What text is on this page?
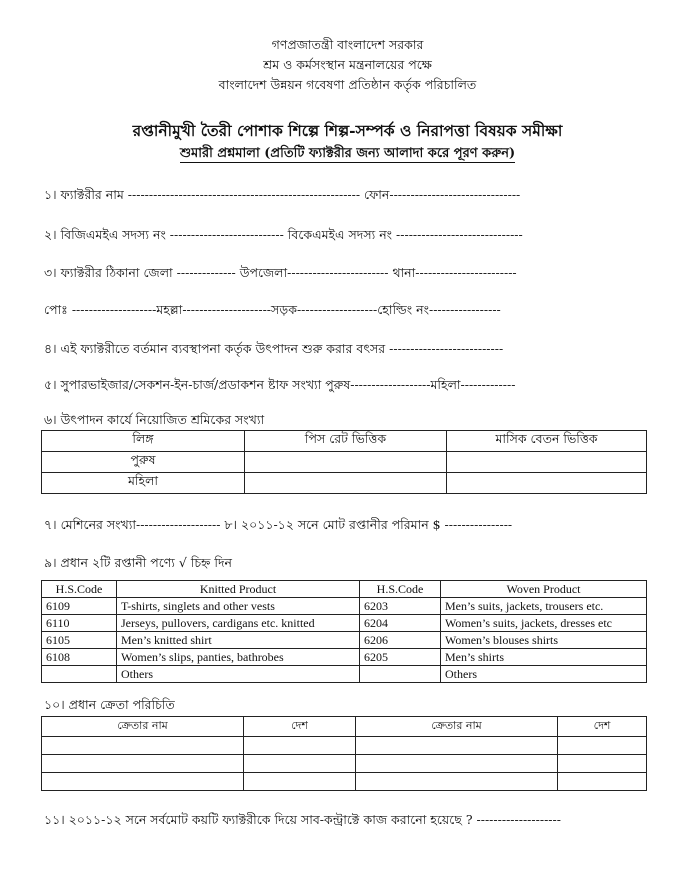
গণপ্রজাতন্ত্রী বাংলাদেশ সরকার
শ্রম ও কর্মসংস্থান মন্ত্রনালয়ের পক্ষে
বাংলাদেশ উন্নয়ন গবেষণা প্রতিষ্ঠান কর্তৃক পরিচালিত
রপ্তানীমুখী তৈরী পোশাক শিল্পে শিল্প-সম্পর্ক ও নিরাপত্তা বিষয়ক সমীক্ষা
শুমারী প্রশ্নমালা (প্রতিটি ফ্যাক্টরীর জন্য আলাদা করে পূরণ করুন)
১। ফ্যাক্টরীর নাম ------------------------------------------------------- ফোন-------------------------------
২। বিজিএমইএ সদস্য নং --------------------------- বিকেএমইএ সদস্য নং ------------------------------
৩। ফ্যাক্টরীর ঠিকানা জেলা -------------- উপজেলা------------------------ থানা------------------------
পোঃ --------------------মহল্লা---------------------সড়ক-------------------হোল্ডিং নং-----------------
৪। এই ফ্যাক্টরীতে বর্তমান ব্যবস্থাপনা কর্তৃক উৎপাদন শুরু করার বৎসর ---------------------------
৫। সুপারভাইজার/সেকশন-ইন-চার্জ/প্রডাকশন ষ্টাফ সংখ্যা পুরুষ-------------------মহিলা-------------
৬। উৎপাদন কার্যে নিয়োজিত শ্রমিকের সংখ্যা
লিঙ্গ	পিস রেট ভিত্তিক	মাসিক বেতন ভিত্তিক
পুরুষ		
মহিলা		
৭। মেশিনের সংখ্যা-------------------- ৮। ২০১১-১২ সনে মোট রপ্তানীর পরিমান $ ----------------
৯। প্রধান ২টি রপ্তানী পণ্যে √ চিহ্ন দিন
H.S.Code	Knitted Product	H.S.Code	Woven Product
6109	T-shirts, singlets and other vests	6203	Men’s suits, jackets, trousers etc.
6110	Jerseys, pullovers, cardigans etc. knitted	6204	Women’s suits, jackets, dresses etc
6105	Men’s knitted shirt	6206	Women’s blouses shirts
6108	Women’s slips, panties, bathrobes	6205	Men’s shirts
	Others		Others
১০। প্রধান ক্রেতা পরিচিতি
ক্রেতার নাম	দেশ	ক্রেতার নাম	দেশ

১১। ২০১১-১২ সনে সর্বমোট কয়টি ফ্যাক্টরীকে দিয়ে সাব-কন্ট্রাক্টে কাজ করানো হয়েছে ? --------------------
